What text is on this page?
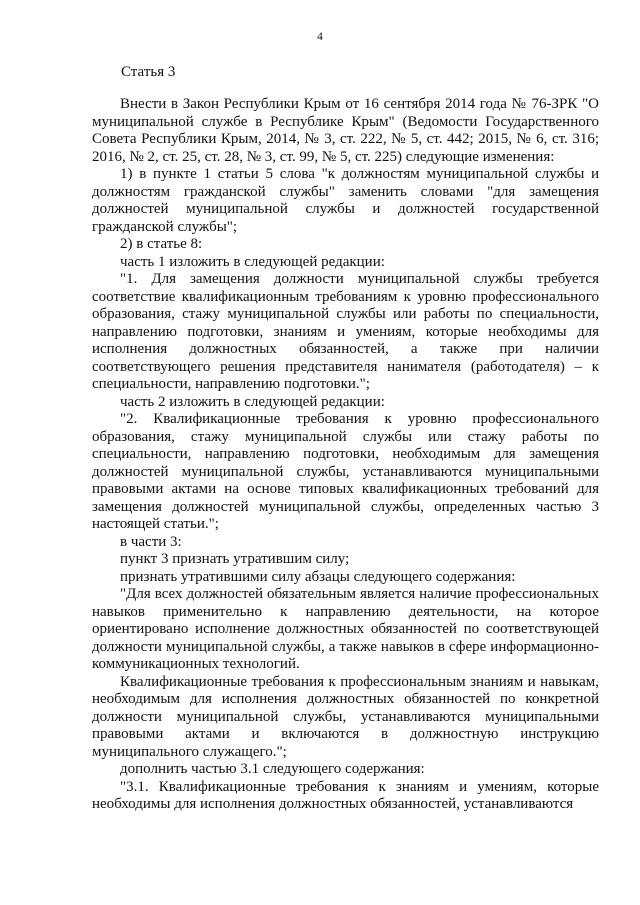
4
Статья 3

Внести в Закон Республики Крым от 16 сентября 2014 года № 76-ЗРК "О муниципальной службе в Республике Крым" (Ведомости Государственного Совета Республики Крым, 2014, № 3, ст. 222, № 5, ст. 442; 2015, № 6, ст. 316; 2016, № 2, ст. 25, ст. 28, № 3, ст. 99, № 5, ст. 225) следующие изменения:

1) в пункте 1 статьи 5 слова "к должностям муниципальной службы и должностям гражданской службы" заменить словами "для замещения должностей муниципальной службы и должностей государственной гражданской службы";

2) в статье 8:

часть 1 изложить в следующей редакции:

"1. Для замещения должности муниципальной службы требуется соответствие квалификационным требованиям к уровню профессионального образования, стажу муниципальной службы или работы по специальности, направлению подготовки, знаниям и умениям, которые необходимы для исполнения должностных обязанностей, а также при наличии соответствующего решения представителя нанимателя (работодателя) – к специальности, направлению подготовки.";

часть 2 изложить в следующей редакции:

"2. Квалификационные требования к уровню профессионального образования, стажу муниципальной службы или стажу работы по специальности, направлению подготовки, необходимым для замещения должностей муниципальной службы, устанавливаются муниципальными правовыми актами на основе типовых квалификационных требований для замещения должностей муниципальной службы, определенных частью 3 настоящей статьи.";

в части 3:

пункт 3 признать утратившим силу;

признать утратившими силу абзацы следующего содержания:

"Для всех должностей обязательным является наличие профессиональных навыков применительно к направлению деятельности, на которое ориентировано исполнение должностных обязанностей по соответствующей должности муниципальной службы, а также навыков в сфере информационно-коммуникационных технологий.

Квалификационные требования к профессиональным знаниям и навыкам, необходимым для исполнения должностных обязанностей по конкретной должности муниципальной службы, устанавливаются муниципальными правовыми актами и включаются в должностную инструкцию муниципального служащего.";

дополнить частью 3.1 следующего содержания:

"3.1. Квалификационные требования к знаниям и умениям, которые необходимы для исполнения должностных обязанностей, устанавливаются
